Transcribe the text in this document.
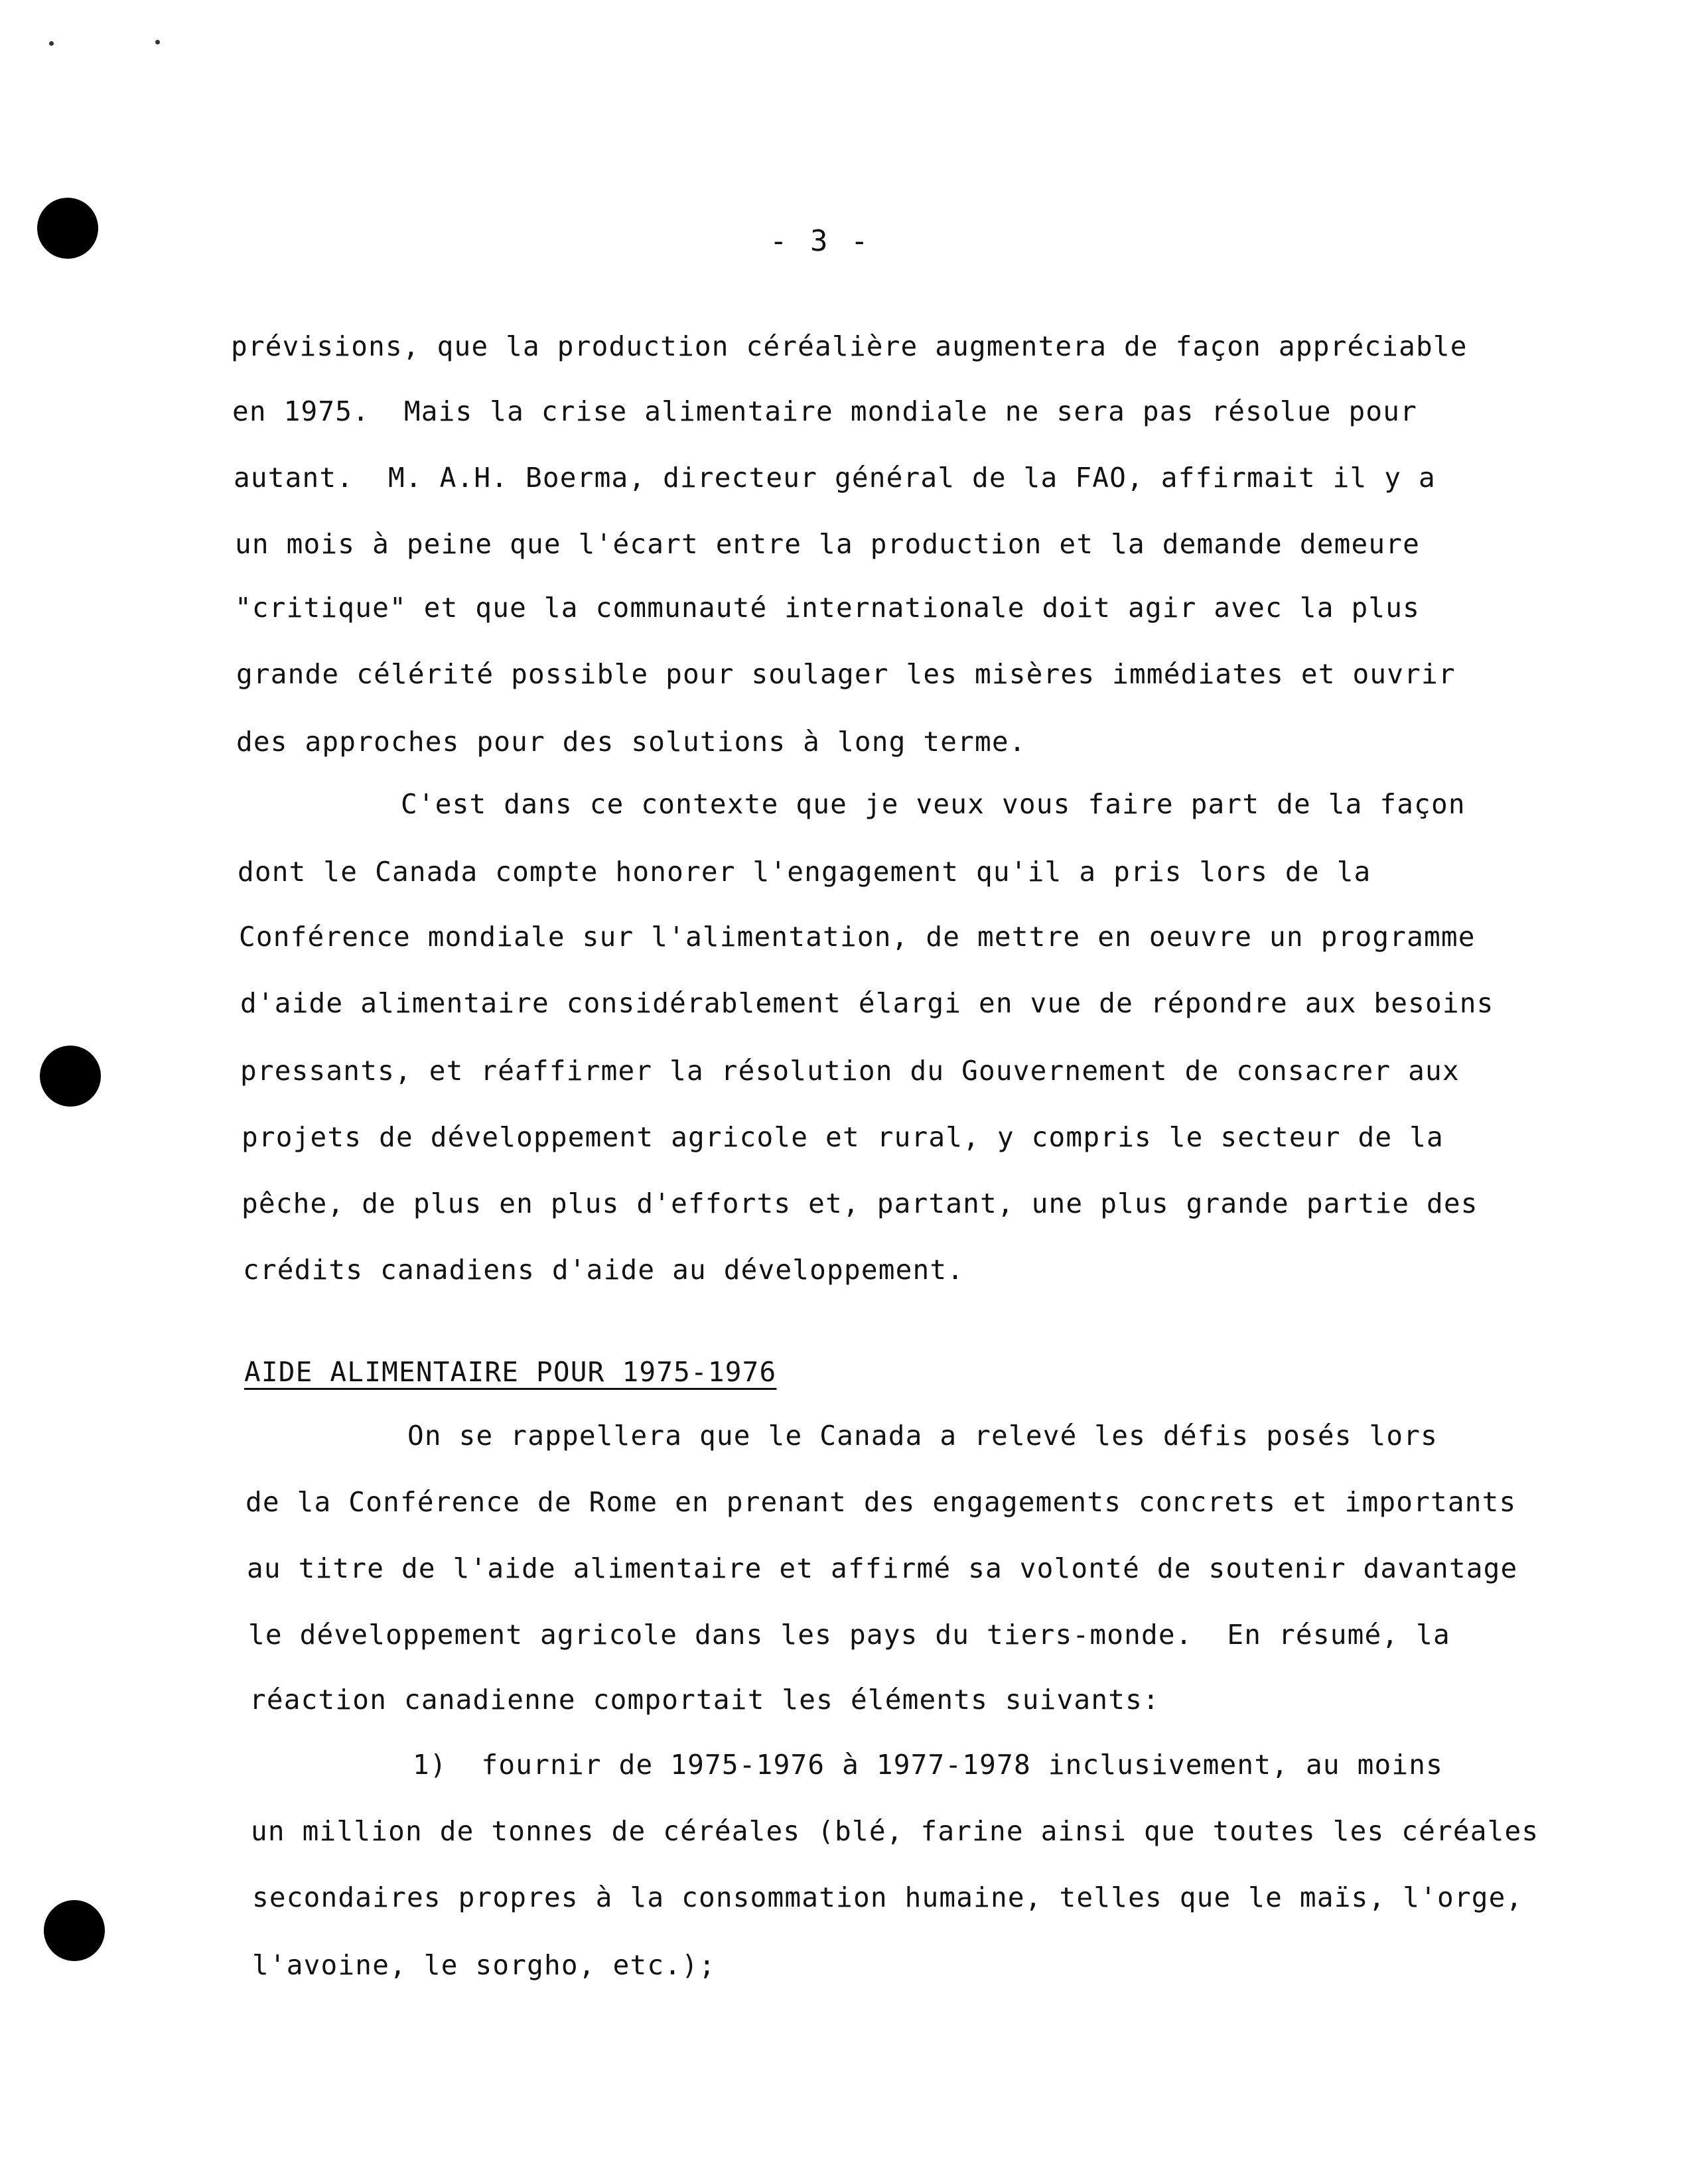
- 3 -
prévisions, que la production céréalière augmentera de façon appréciable
en 1975.  Mais la crise alimentaire mondiale ne sera pas résolue pour
autant.  M. A.H. Boerma, directeur général de la FAO, affirmait il y a
un mois à peine que l'écart entre la production et la demande demeure
"critique" et que la communauté internationale doit agir avec la plus
grande célérité possible pour soulager les misères immédiates et ouvrir
des approches pour des solutions à long terme.
C'est dans ce contexte que je veux vous faire part de la façon
dont le Canada compte honorer l'engagement qu'il a pris lors de la
Conférence mondiale sur l'alimentation, de mettre en oeuvre un programme
d'aide alimentaire considérablement élargi en vue de répondre aux besoins
pressants, et réaffirmer la résolution du Gouvernement de consacrer aux
projets de développement agricole et rural, y compris le secteur de la
pêche, de plus en plus d'efforts et, partant, une plus grande partie des
crédits canadiens d'aide au développement.
AIDE ALIMENTAIRE POUR 1975-1976
On se rappellera que le Canada a relevé les défis posés lors
de la Conférence de Rome en prenant des engagements concrets et importants
au titre de l'aide alimentaire et affirmé sa volonté de soutenir davantage
le développement agricole dans les pays du tiers-monde.  En résumé, la
réaction canadienne comportait les éléments suivants:
1)  fournir de 1975-1976 à 1977-1978 inclusivement, au moins
un million de tonnes de céréales (blé, farine ainsi que toutes les céréales
secondaires propres à la consommation humaine, telles que le maïs, l'orge,
l'avoine, le sorgho, etc.);
